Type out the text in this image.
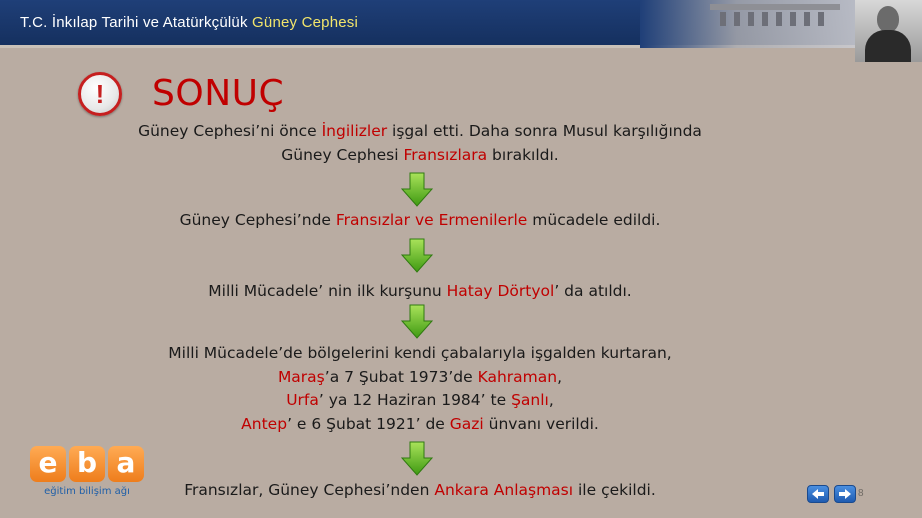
T.C. İnkılap Tarihi ve Atatürkçülük Güney Cephesi
! SONUÇ
Güney Cephesi’ni önce İngilizler işgal etti. Daha sonra Musul karşılığında
Güney Cephesi Fransızlara bırakıldı.
Güney Cephesi’nde Fransızlar ve Ermenilerle mücadele edildi.
Milli Mücadele’ nin ilk kurşunu Hatay Dörtyol’ da atıldı.
Milli Mücadele’de bölgelerini kendi çabalarıyla işgalden kurtaran,
Maraş’a 7 Şubat 1973’de Kahraman,
Urfa’ ya 12 Haziran 1984’ te Şanlı,
Antep’ e 6 Şubat 1921’ de Gazi ünvanı verildi.
Fransızlar, Güney Cephesi’nden Ankara Anlaşması ile çekildi.
e b a
eğitim bilişim ağı	8
